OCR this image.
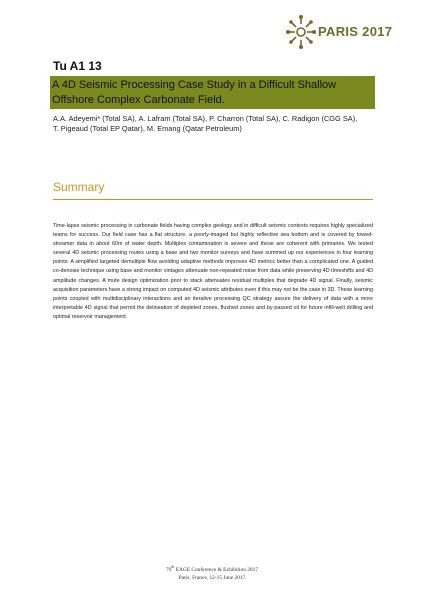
PARIS 2017
Tu A1 13
A 4D Seismic Processing Case Study in a Difficult Shallow
Offshore Complex Carbonate Field.
A.A. Adeyemi* (Total SA), A. Lafram (Total SA), P. Charron (Total SA), C. Radigon (CGG SA),
T. Pigeaud (Total EP Qatar), M. Emang (Qatar Petroleum)
Summary
Time-lapse seismic processing in carbonate fields having complex geology and in difficult seismic contexts requires highly specialized teams for success. Our field case has a flat structure, a poorly-imaged but highly reflective sea bottom and is covered by towed-streamer data in about 60m of water depth. Multiples contamination is severe and these are coherent with primaries. We tested several 4D seismic processing routes using a base and two monitor surveys and have summed up our experiences in four learning points: A simplified targeted demultiple flow avoiding adaptive methods improves 4D metrics better than a complicated one. A guided co-denoise technique using base and monitor vintages attenuate non-repeated noise from data while preserving 4D timeshifts and 4D amplitude changes. A mute design optimization prior to stack attenuates residual multiples that degrade 4D signal. Finally, seismic acquisition parameters have a strong impact on computed 4D seismic attributes even if this may not be the case in 3D. These learning points coupled with multidisciplinary interactions and an iterative processing QC strategy assure the delivery of data with a more interpretable 4D signal that permit the delineation of depleted zones, flushed zones and by-passed oil for future infill-well drilling and optimal reservoir management.
79th EAGE Conference & Exhibition 2017
Paris, France, 12-15 June 2017
